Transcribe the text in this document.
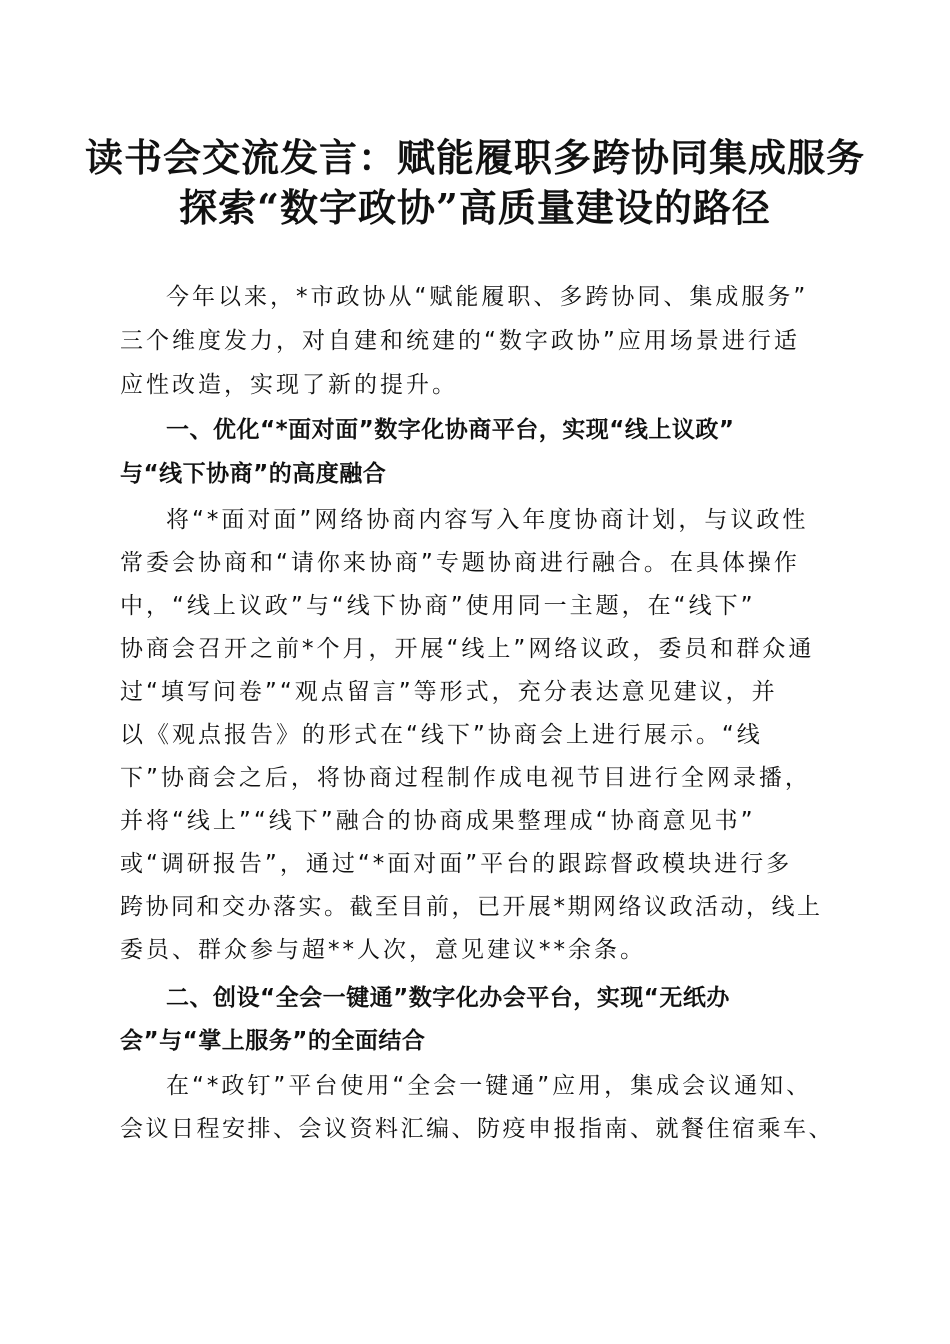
读书会交流发言：赋能履职多跨协同集成服务
探索“数字政协”高质量建设的路径
今年以来，*市政协从“赋能履职、多跨协同、集成服务”
三个维度发力，对自建和统建的“数字政协”应用场景进行适
应性改造，实现了新的提升。
一、优化“*面对面”数字化协商平台，实现“线上议政”
与“线下协商”的高度融合
将“*面对面”网络协商内容写入年度协商计划，与议政性
常委会协商和“请你来协商”专题协商进行融合。在具体操作
中，“线上议政”与“线下协商”使用同一主题，在“线下”
协商会召开之前*个月，开展“线上”网络议政，委员和群众通
过“填写问卷”“观点留言”等形式，充分表达意见建议，并
以《观点报告》的形式在“线下”协商会上进行展示。“线
下”协商会之后，将协商过程制作成电视节目进行全网录播，
并将“线上”“线下”融合的协商成果整理成“协商意见书”
或“调研报告”，通过“*面对面”平台的跟踪督政模块进行多
跨协同和交办落实。截至目前，已开展*期网络议政活动，线上
委员、群众参与超**人次，意见建议**余条。
二、创设“全会一键通”数字化办会平台，实现“无纸办
会”与“掌上服务”的全面结合
在“*政钉”平台使用“全会一键通”应用，集成会议通知、
会议日程安排、会议资料汇编、防疫申报指南、就餐住宿乘车、
